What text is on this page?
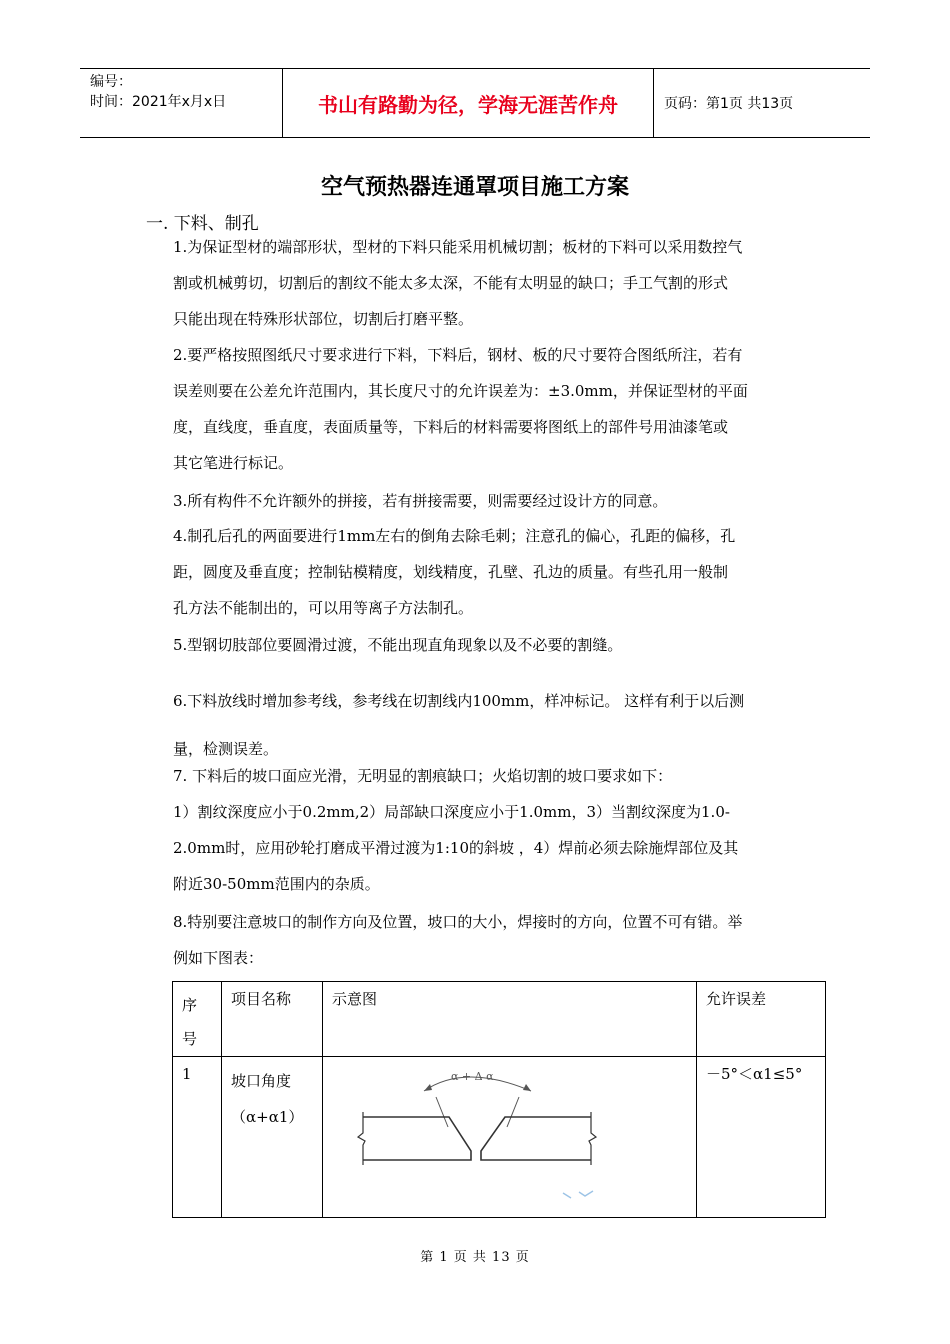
编号：
时间：2021年x月x日	书山有路勤为径，学海无涯苦作舟	页码：第1页 共13页
空气预热器连通罩项目施工方案
一. 下料、制孔
1.为保证型材的端部形状，型材的下料只能采用机械切割；板材的下料可以采用数控气
割或机械剪切，切割后的割纹不能太多太深，不能有太明显的缺口；手工气割的形式
只能出现在特殊形状部位，切割后打磨平整。
2.要严格按照图纸尺寸要求进行下料，下料后，钢材、板的尺寸要符合图纸所注，若有
误差则要在公差允许范围内，其长度尺寸的允许误差为：±3.0mm，并保证型材的平面
度，直线度，垂直度，表面质量等，下料后的材料需要将图纸上的部件号用油漆笔或
其它笔进行标记。
3.所有构件不允许额外的拼接，若有拼接需要，则需要经过设计方的同意。
4.制孔后孔的两面要进行1mm左右的倒角去除毛刺；注意孔的偏心，孔距的偏移，孔
距，圆度及垂直度；控制钻模精度，划线精度，孔壁、孔边的质量。有些孔用一般制
孔方法不能制出的，可以用等离子方法制孔。
5.型钢切肢部位要圆滑过渡，不能出现直角现象以及不必要的割缝。
6.下料放线时增加参考线，参考线在切割线内100mm，样冲标记。 这样有利于以后测
量，检测误差。
7. 下料后的坡口面应光滑，无明显的割痕缺口；火焰切割的坡口要求如下：
1）割纹深度应小于0.2mm,2）局部缺口深度应小于1.0mm，3）当割纹深度为1.0-
2.0mm时，应用砂轮打磨成平滑过渡为1:10的斜坡 ，4）焊前必须去除施焊部位及其
附近30-50mm范围内的杂质。
8.特别要注意坡口的制作方向及位置，坡口的大小，焊接时的方向，位置不可有错。举
例如下图表：
序
号	项目名称	示意图	允许误差

1	坡口角度
（α+α1）	α + Δ α	－5°＜α1≤5°
第 1 页 共 13 页
